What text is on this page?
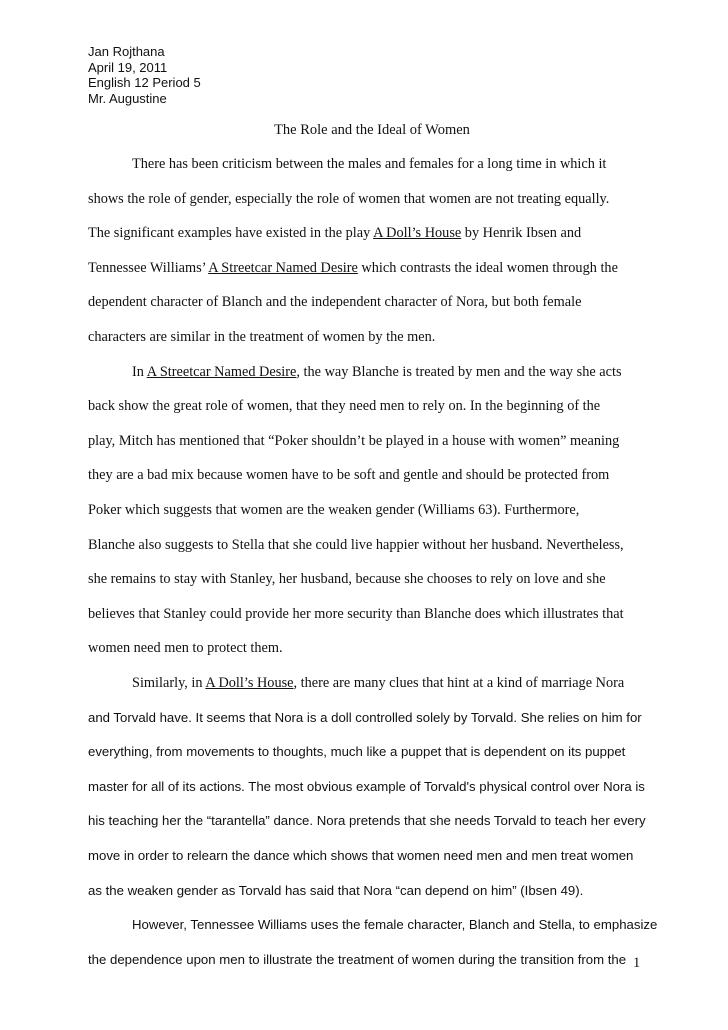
Jan Rojthana
April 19, 2011
English 12 Period 5
Mr. Augustine
The Role and the Ideal of Women
There has been criticism between the males and females for a long time in which it
shows the role of gender, especially the role of women that women are not treating equally.
The significant examples have existed in the play A Doll’s House by Henrik Ibsen and
Tennessee Williams’ A Streetcar Named Desire which contrasts the ideal women through the
dependent character of Blanch and the independent character of Nora, but both female
characters are similar in the treatment of women by the men.
In A Streetcar Named Desire, the way Blanche is treated by men and the way she acts
back show the great role of women, that they need men to rely on. In the beginning of the
play, Mitch has mentioned that “Poker shouldn’t be played in a house with women” meaning
they are a bad mix because women have to be soft and gentle and should be protected from
Poker which suggests that women are the weaken gender (Williams 63). Furthermore,
Blanche also suggests to Stella that she could live happier without her husband. Nevertheless,
she remains to stay with Stanley, her husband, because she chooses to rely on love and she
believes that Stanley could provide her more security than Blanche does which illustrates that
women need men to protect them.
Similarly, in A Doll’s House, there are many clues that hint at a kind of marriage Nora
and Torvald have. It seems that Nora is a doll controlled solely by Torvald. She relies on him for
everything, from movements to thoughts, much like a puppet that is dependent on its puppet
master for all of its actions. The most obvious example of Torvald's physical control over Nora is
his teaching her the “tarantella” dance. Nora pretends that she needs Torvald to teach her every
move in order to relearn the dance which shows that women need men and men treat women
as the weaken gender as Torvald has said that Nora “can depend on him” (Ibsen 49).
However, Tennessee Williams uses the female character, Blanch and Stella, to emphasize
the dependence upon men to illustrate the treatment of women during the transition from the 1
